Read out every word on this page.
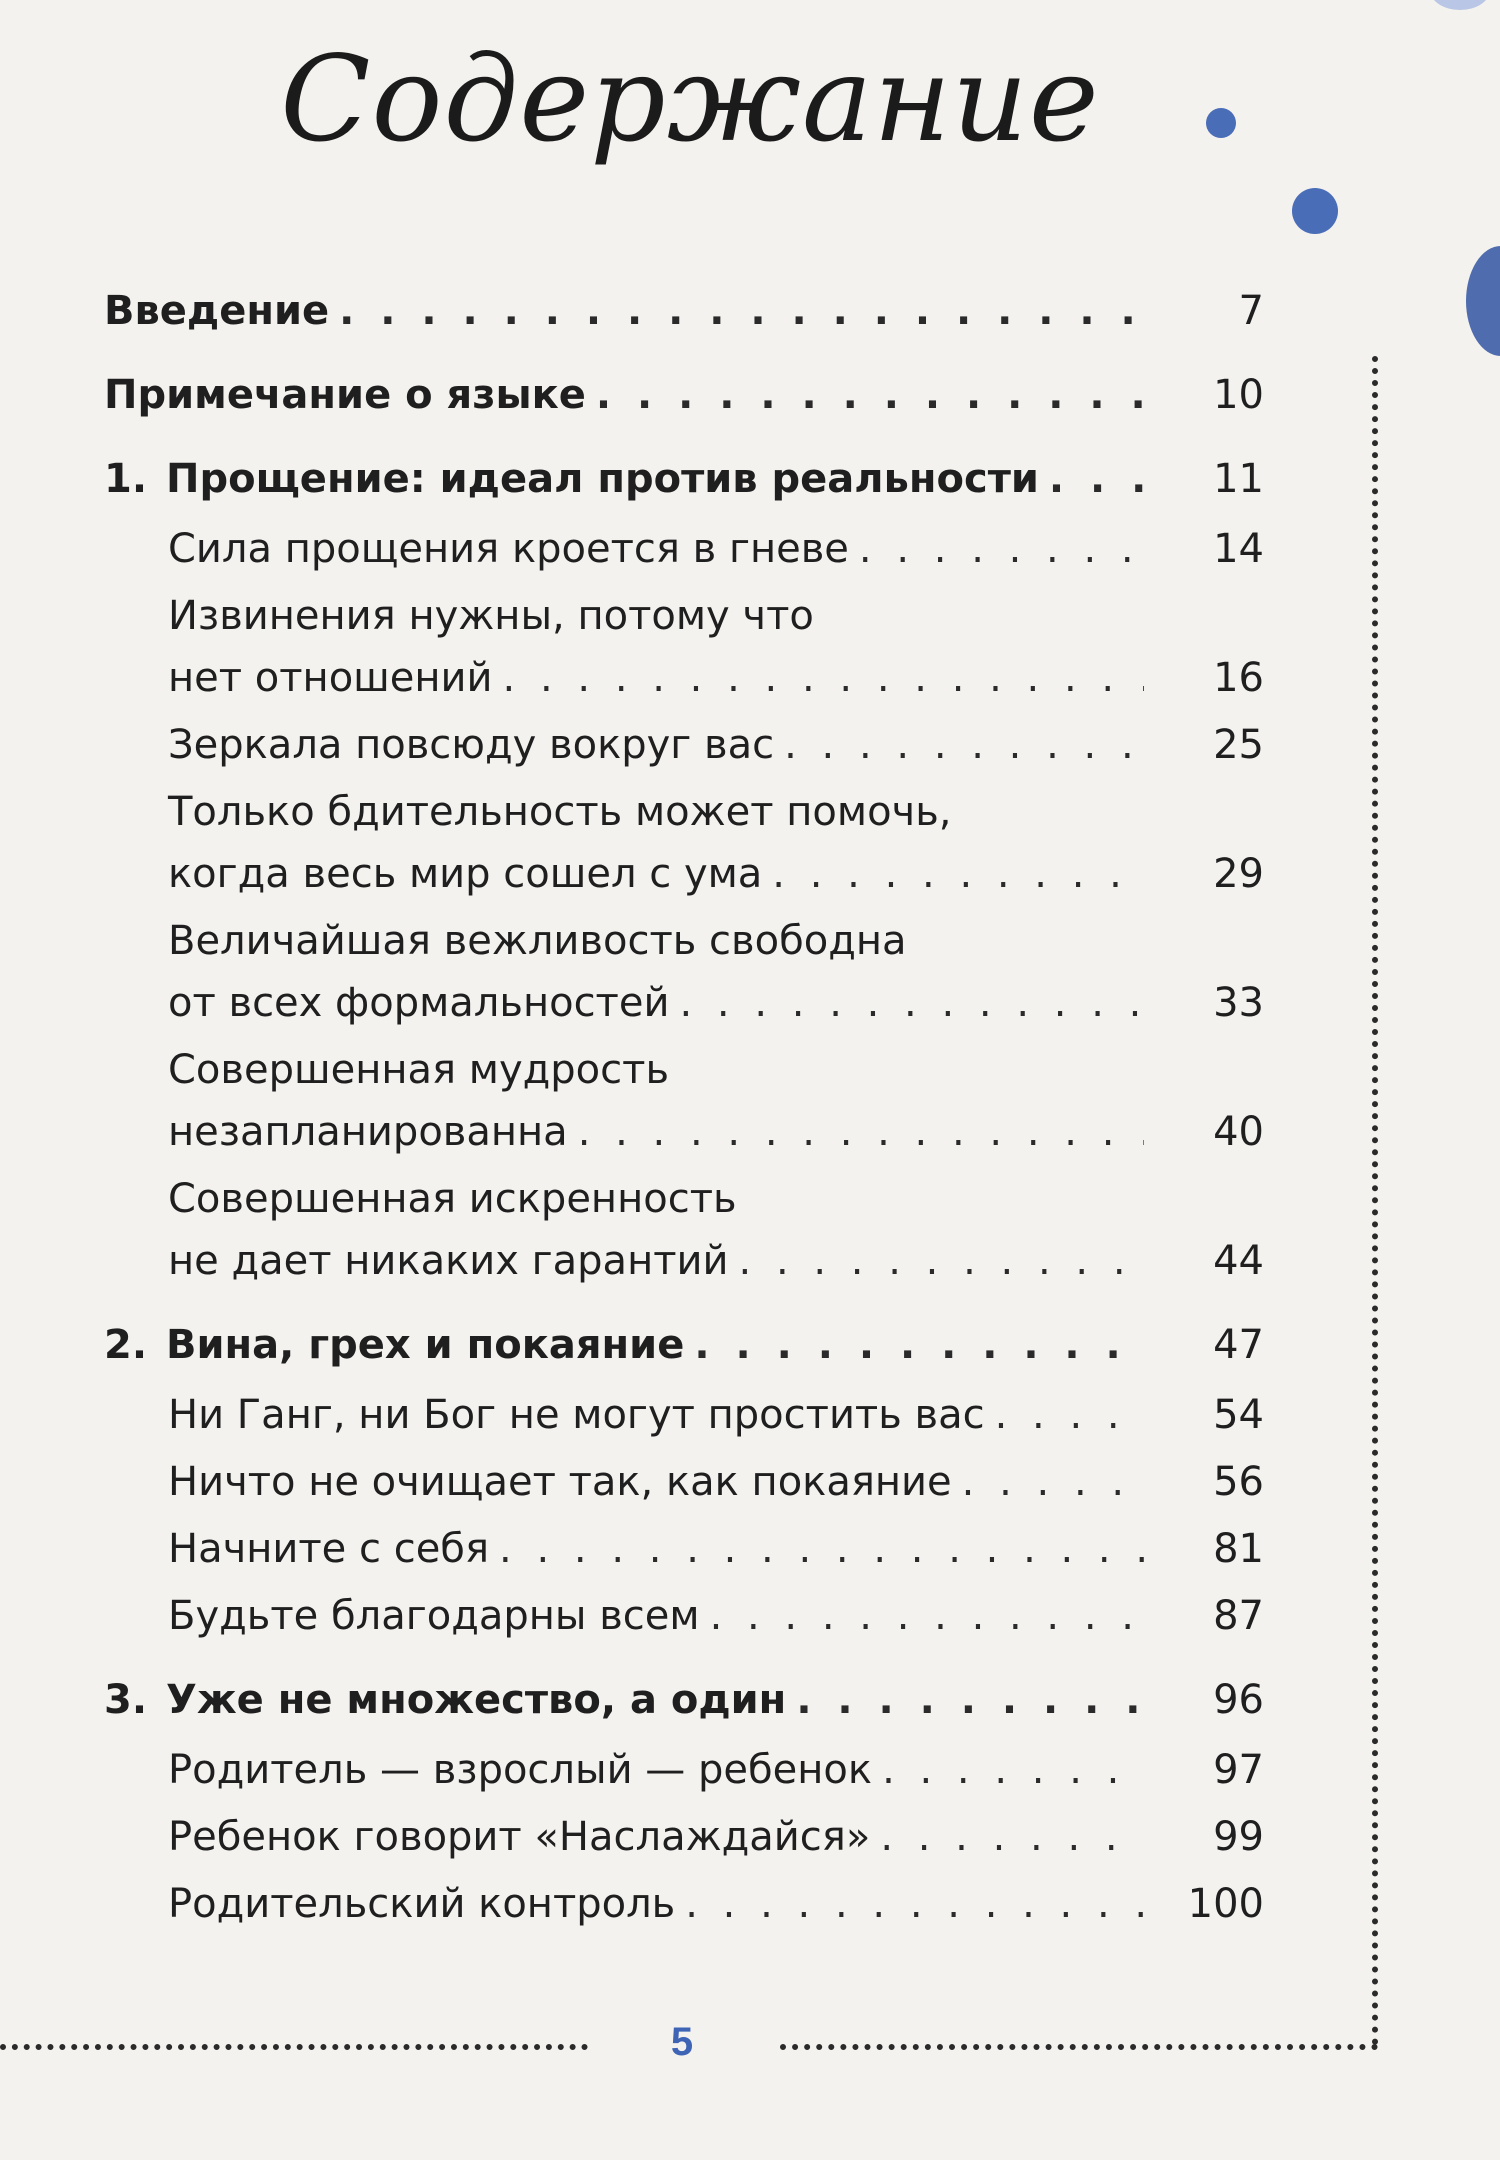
Содержание
Введение . . .	7
Примечание о языке . . .	10
1. Прощение: идеал против реальности . . .	11
Сила прощения кроется в гневе . . .	14
Извинения нужны, потому что
нет отношений . . .	16
Зеркала повсюду вокруг вас . . .	25
Только бдительность может помочь,
когда весь мир сошел с ума . . .	29
Величайшая вежливость свободна
от всех формальностей . . .	33
Совершенная мудрость
незапланированна . . .	40
Совершенная искренность
не дает никаких гарантий . . .	44
2. Вина, грех и покаяние . . .	47
Ни Ганг, ни Бог не могут простить вас . . .	54
Ничто не очищает так, как покаяние . . .	56
Начните с себя . . .	81
Будьте благодарны всем . . .	87
3. Уже не множество, а один . . .	96
Родитель — взрослый — ребенок . . .	97
Ребенок говорит «Наслаждайся» . . .	99
Родительский контроль . . .	100
5
